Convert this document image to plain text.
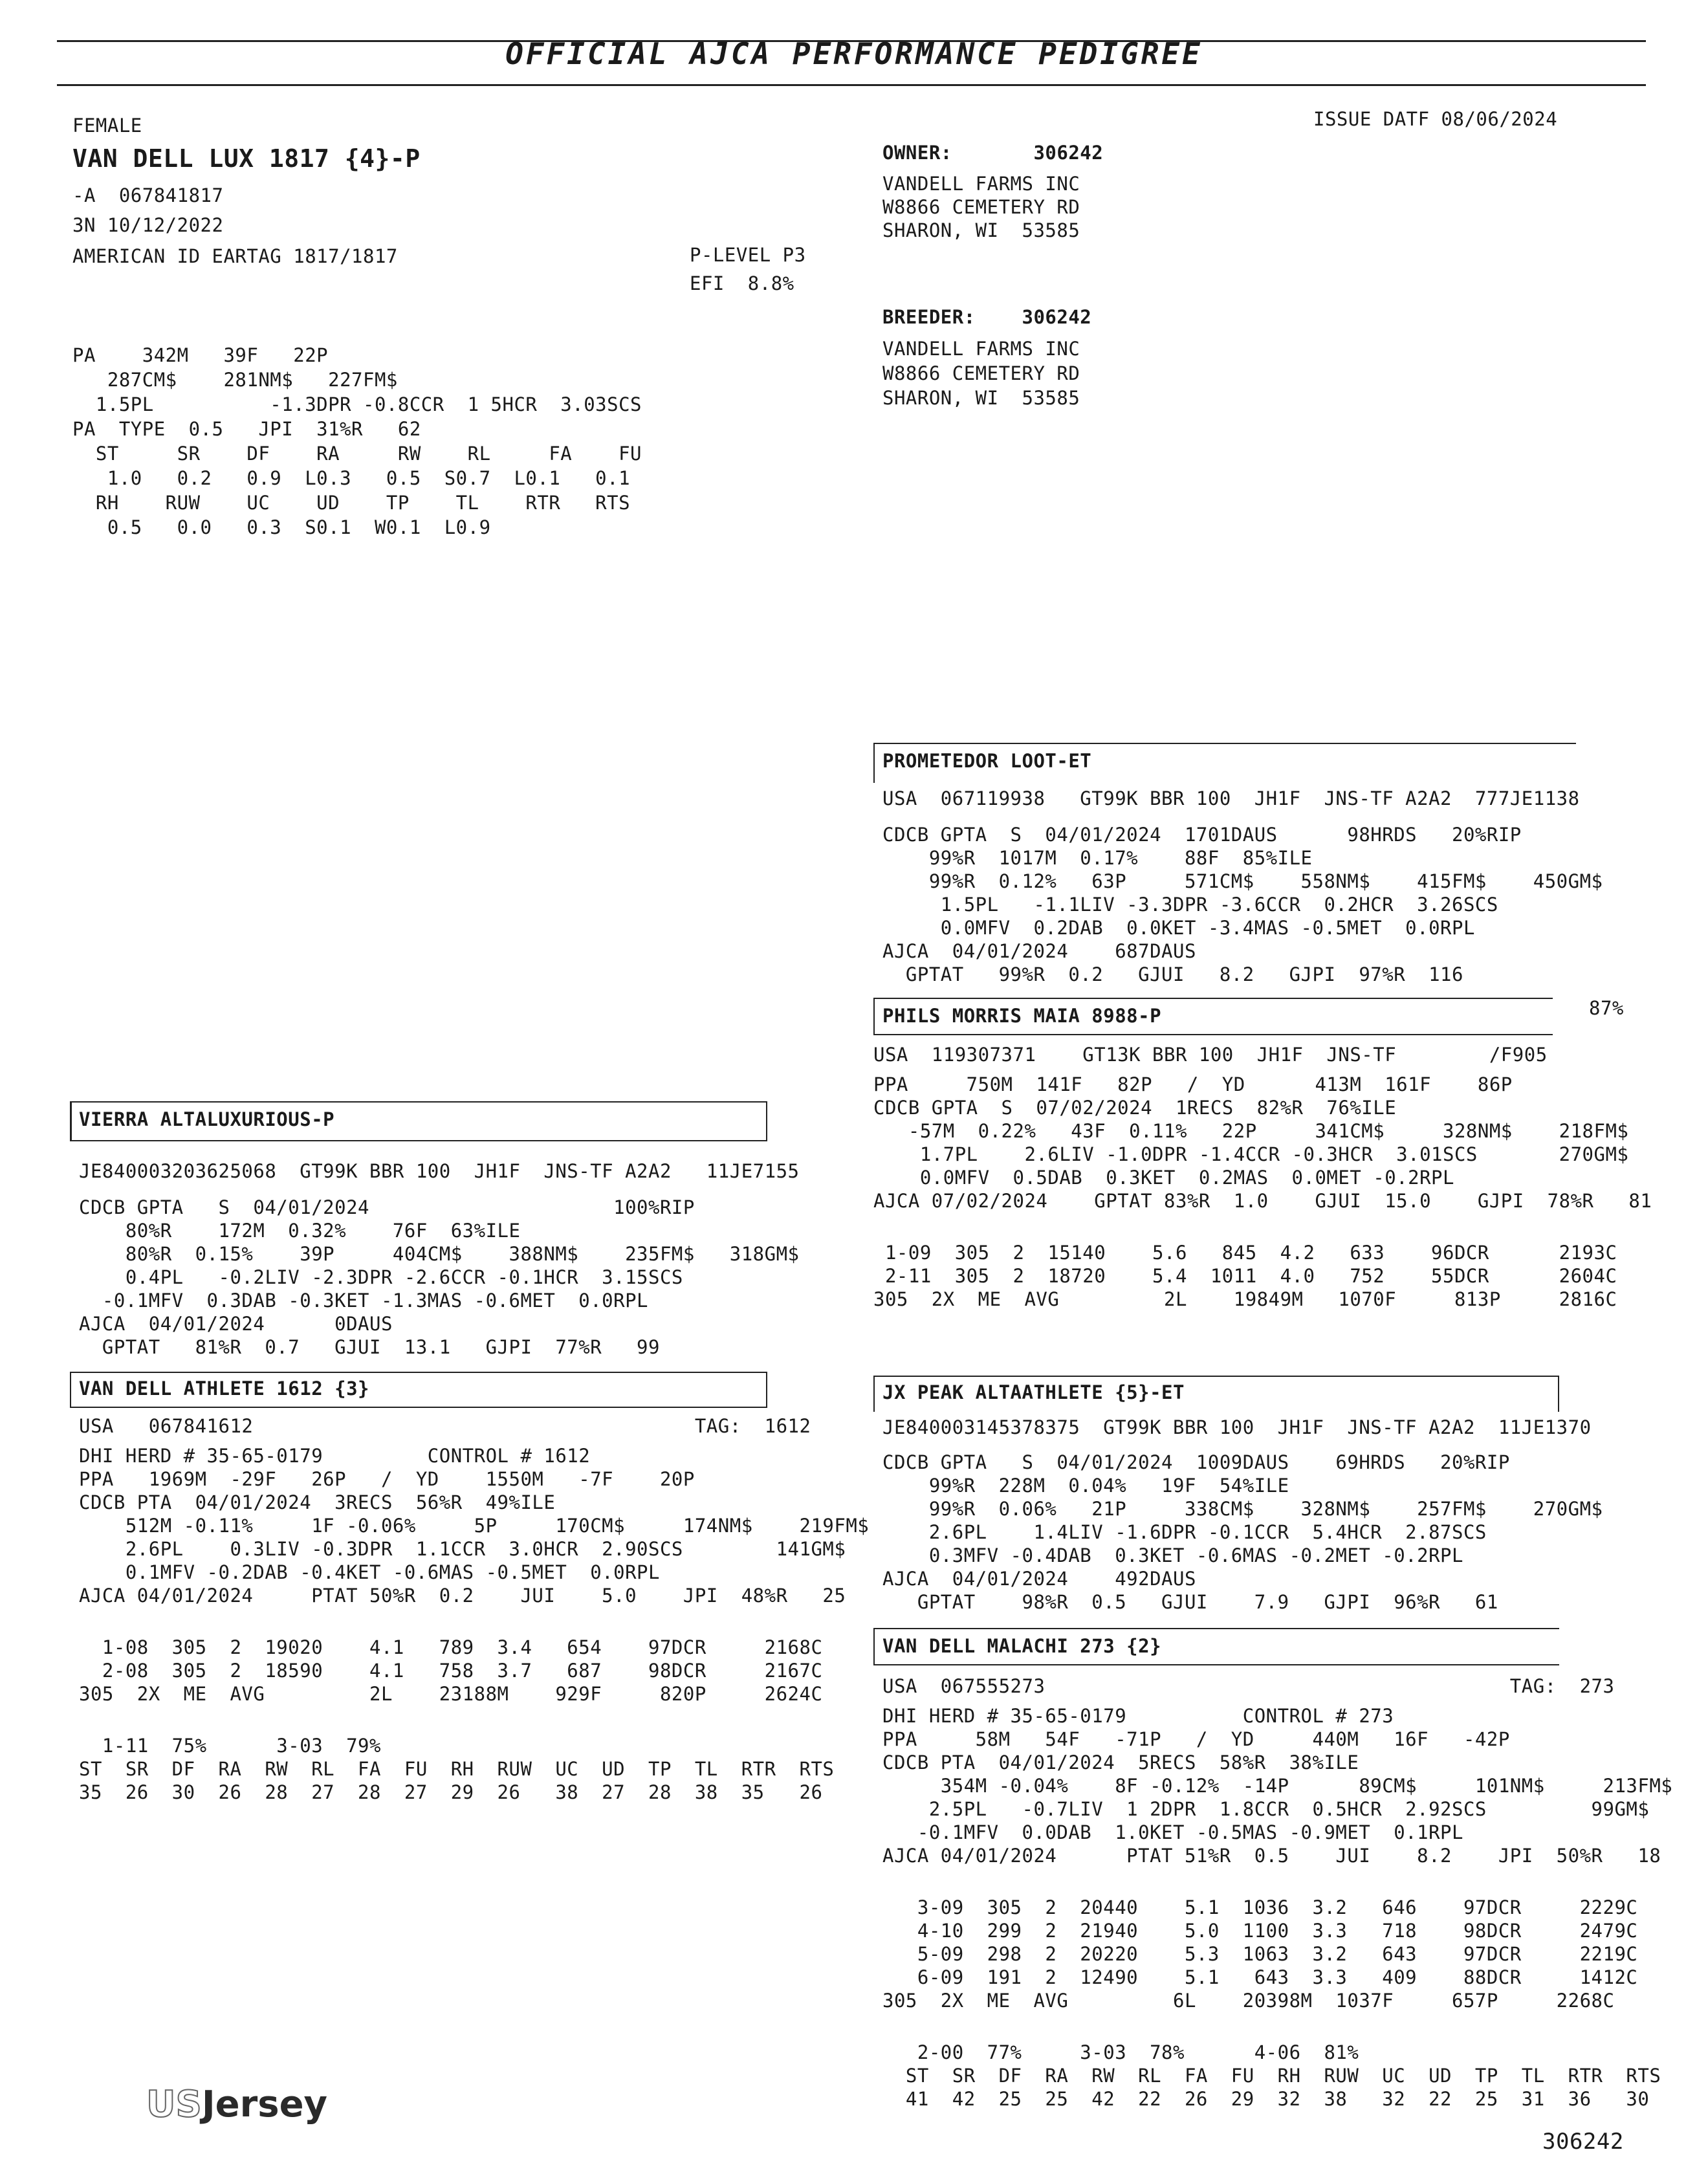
OFFICIAL AJCA PERFORMANCE PEDIGREE
FEMALE
VAN DELL LUX 1817 {4}-P
-A  067841817
3N 10/12/2022
AMERICAN ID EARTAG 1817/1817	P-LEVEL P3
EFI  8.8%
ISSUE DATF 08/06/2024
OWNER:       306242
VANDELL FARMS INC
W8866 CEMETERY RD
SHARON, WI  53585
BREEDER:    306242
VANDELL FARMS INC
W8866 CEMETERY RD
SHARON, WI  53585
PA    342M   39F   22P
287CM$    281NM$   227FM$
1.5PL          -1.3DPR -0.8CCR  1 5HCR  3.03SCS
PA  TYPE  0.5   JPI  31%R   62
ST     SR    DF    RA     RW    RL     FA    FU
1.0   0.2   0.9  L0.3   0.5  S0.7  L0.1   0.1
RH    RUW    UC    UD    TP    TL    RTR   RTS
0.5   0.0   0.3  S0.1  W0.1  L0.9
PROMETEDOR LOOT-ET
USA  067119938   GT99K BBR 100  JH1F  JNS-TF A2A2  777JE1138
CDCB GPTA  S  04/01/2024  1701DAUS      98HRDS   20%RIP
99%R  1017M  0.17%    88F  85%ILE
99%R  0.12%   63P     571CM$    558NM$    415FM$    450GM$
1.5PL   -1.1LIV -3.3DPR -3.6CCR  0.2HCR  3.26SCS
0.0MFV  0.2DAB  0.0KET -3.4MAS -0.5MET  0.0RPL
AJCA  04/01/2024    687DAUS
GPTAT   99%R  0.2   GJUI   8.2   GJPI  97%R  116
PHILS MORRIS MAIA 8988-P	87%
USA  119307371    GT13K BBR 100  JH1F  JNS-TF        /F905
PPA     750M  141F   82P   /  YD      413M  161F    86P
CDCB GPTA  S  07/02/2024  1RECS  82%R  76%ILE
-57M  0.22%   43F  0.11%   22P     341CM$     328NM$    218FM$
1.7PL    2.6LIV -1.0DPR -1.4CCR -0.3HCR  3.01SCS       270GM$
0.0MFV  0.5DAB  0.3KET  0.2MAS  0.0MET -0.2RPL
AJCA 07/02/2024    GPTAT 83%R  1.0    GJUI  15.0    GJPI  78%R   81
1-09  305  2  15140    5.6   845  4.2   633    96DCR      2193C
2-11  305  2  18720    5.4  1011  4.0   752    55DCR      2604C
305  2X  ME  AVG         2L    19849M   1070F     813P     2816C
JX PEAK ALTAATHLETE {5}-ET
JE840003145378375  GT99K BBR 100  JH1F  JNS-TF A2A2  11JE1370
CDCB GPTA   S  04/01/2024  1009DAUS    69HRDS   20%RIP
99%R  228M  0.04%   19F  54%ILE
99%R  0.06%   21P     338CM$    328NM$    257FM$    270GM$
2.6PL    1.4LIV -1.6DPR -0.1CCR  5.4HCR  2.87SCS
0.3MFV -0.4DAB  0.3KET -0.6MAS -0.2MET -0.2RPL
AJCA  04/01/2024    492DAUS
GPTAT    98%R  0.5   GJUI    7.9   GJPI  96%R   61
VAN DELL MALACHI 273 {2}
USA  067555273                                        TAG:  273
DHI HERD # 35-65-0179          CONTROL # 273
PPA     58M   54F   -71P   /  YD     440M   16F   -42P
CDCB PTA  04/01/2024  5RECS  58%R  38%ILE
354M -0.04%    8F -0.12%  -14P      89CM$     101NM$     213FM$
2.5PL   -0.7LIV  1 2DPR  1.8CCR  0.5HCR  2.92SCS         99GM$
-0.1MFV  0.0DAB  1.0KET -0.5MAS -0.9MET  0.1RPL
AJCA 04/01/2024      PTAT 51%R  0.5    JUI    8.2    JPI  50%R   18
3-09  305  2  20440    5.1  1036  3.2   646    97DCR     2229C
4-10  299  2  21940    5.0  1100  3.3   718    98DCR     2479C
5-09  298  2  20220    5.3  1063  3.2   643    97DCR     2219C
6-09  191  2  12490    5.1   643  3.3   409    88DCR     1412C
305  2X  ME  AVG         6L    20398M  1037F     657P     2268C
2-00  77%     3-03  78%      4-06  81%
ST  SR  DF  RA  RW  RL  FA  FU  RH  RUW  UC  UD  TP  TL  RTR  RTS
41  42  25  25  42  22  26  29  32  38   32  22  25  31  36   30
VIERRA ALTALUXURIOUS-P
JE840003203625068  GT99K BBR 100  JH1F  JNS-TF A2A2   11JE7155
CDCB GPTA   S  04/01/2024                     100%RIP
80%R    172M  0.32%    76F  63%ILE
80%R  0.15%    39P     404CM$    388NM$    235FM$   318GM$
0.4PL   -0.2LIV -2.3DPR -2.6CCR -0.1HCR  3.15SCS
-0.1MFV  0.3DAB -0.3KET -1.3MAS -0.6MET  0.0RPL
AJCA  04/01/2024      0DAUS
GPTAT   81%R  0.7   GJUI  13.1   GJPI  77%R   99
VAN DELL ATHLETE 1612 {3}
USA   067841612                                      TAG:  1612
DHI HERD # 35-65-0179         CONTROL # 1612
PPA   1969M  -29F   26P   /  YD    1550M   -7F    20P
CDCB PTA  04/01/2024  3RECS  56%R  49%ILE
512M -0.11%     1F -0.06%     5P     170CM$     174NM$    219FM$
2.6PL    0.3LIV -0.3DPR  1.1CCR  3.0HCR  2.90SCS        141GM$
0.1MFV -0.2DAB -0.4KET -0.6MAS -0.5MET  0.0RPL
AJCA 04/01/2024     PTAT 50%R  0.2    JUI    5.0    JPI  48%R   25
1-08  305  2  19020    4.1   789  3.4   654    97DCR     2168C
2-08  305  2  18590    4.1   758  3.7   687    98DCR     2167C
305  2X  ME  AVG         2L    23188M    929F     820P     2624C
1-11  75%      3-03  79%
ST  SR  DF  RA  RW  RL  FA  FU  RH  RUW  UC  UD  TP  TL  RTR  RTS
35  26  30  26  28  27  28  27  29  26   38  27  28  38  35   26
USJersey
306242
